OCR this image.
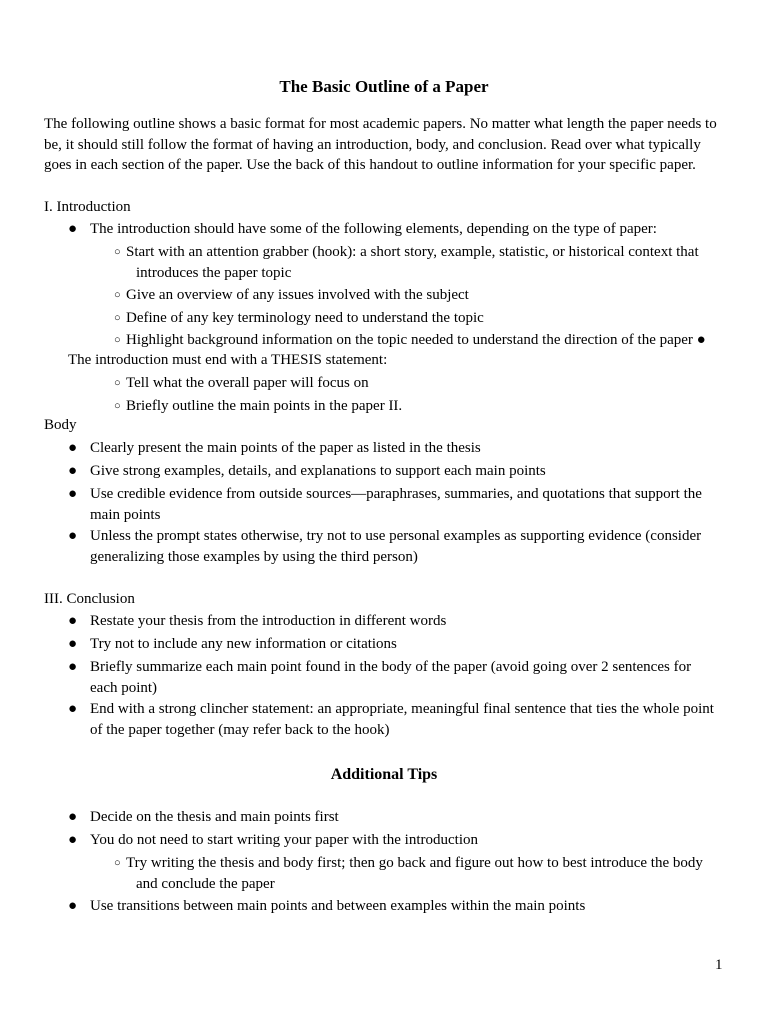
The Basic Outline of a Paper
The following outline shows a basic format for most academic papers. No matter what length the paper needs to be, it should still follow the format of having an introduction, body, and conclusion. Read over what typically goes in each section of the paper. Use the back of this handout to outline information for your specific paper.
I. Introduction
● The introduction should have some of the following elements, depending on the type of paper:
○ Start with an attention grabber (hook): a short story, example, statistic, or historical context that introduces the paper topic
○ Give an overview of any issues involved with the subject
○ Define of any key terminology need to understand the topic
○ Highlight background information on the topic needed to understand the direction of the paper ●
The introduction must end with a THESIS statement:
○ Tell what the overall paper will focus on
○ Briefly outline the main points in the paper II.
Body
● Clearly present the main points of the paper as listed in the thesis
● Give strong examples, details, and explanations to support each main points
● Use credible evidence from outside sources—paraphrases, summaries, and quotations that support the main points
● Unless the prompt states otherwise, try not to use personal examples as supporting evidence (consider generalizing those examples by using the third person)
III. Conclusion
● Restate your thesis from the introduction in different words
● Try not to include any new information or citations
● Briefly summarize each main point found in the body of the paper (avoid going over 2 sentences for each point)
● End with a strong clincher statement: an appropriate, meaningful final sentence that ties the whole point of the paper together (may refer back to the hook)
Additional Tips
● Decide on the thesis and main points first
● You do not need to start writing your paper with the introduction
○ Try writing the thesis and body first; then go back and figure out how to best introduce the body and conclude the paper
● Use transitions between main points and between examples within the main points
1
